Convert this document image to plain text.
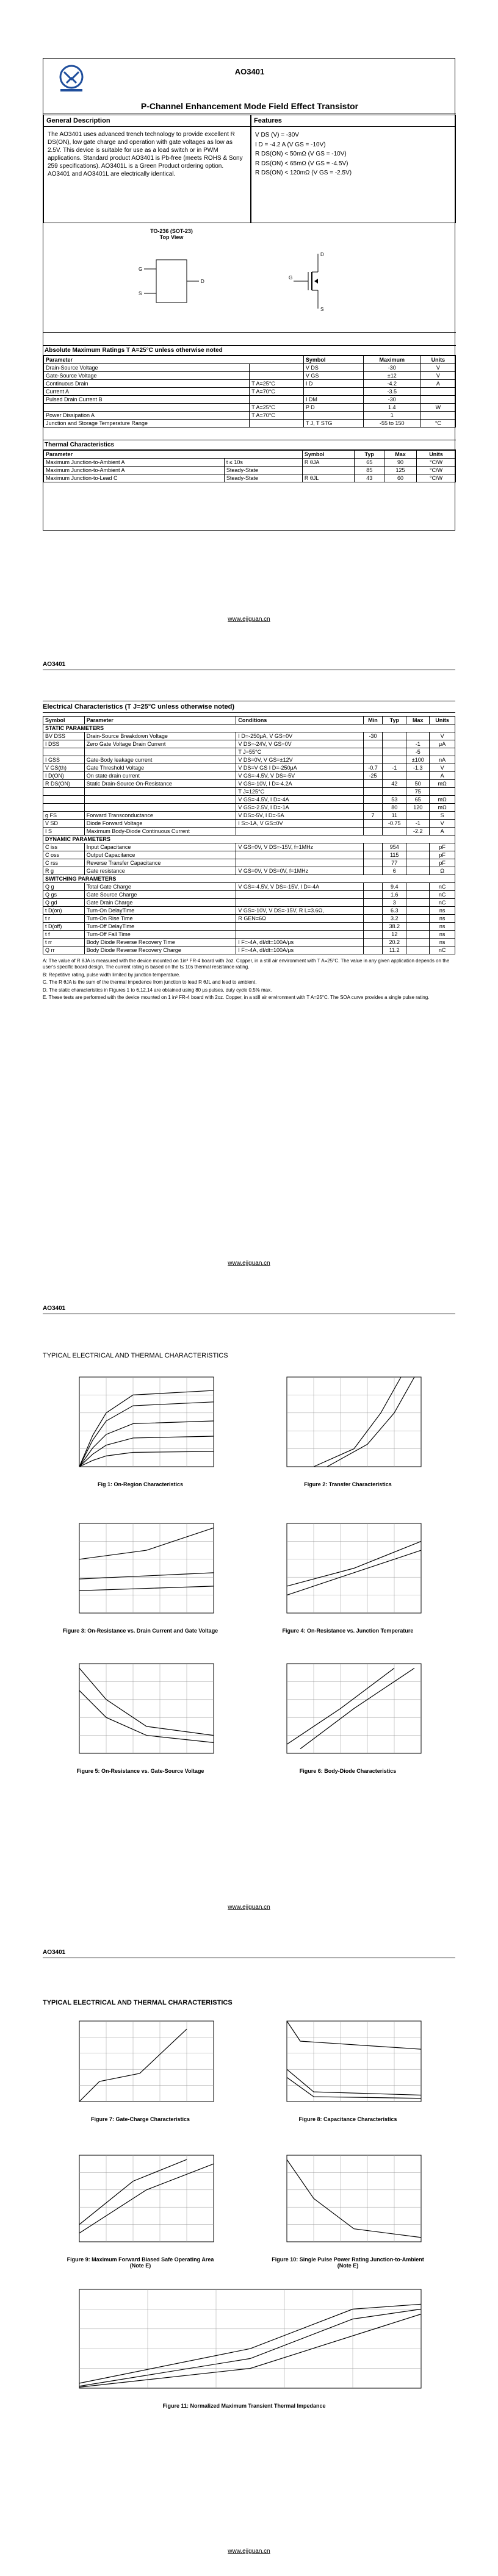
AO3401
P-Channel Enhancement Mode Field Effect Transistor
General Description

The AO3401 uses advanced trench technology to provide excellent R DS(ON), low gate charge and operation with gate voltages as low as 2.5V. This device is suitable for use as a load switch or in PWM applications. Standard product AO3401 is Pb-free (meets ROHS & Sony 259 specifications). AO3401L is a Green Product ordering option. AO3401 and AO3401L are electrically identical.

Features
V DS (V) = -30V
I D = -4.2 A (V GS = -10V)
R DS(ON) < 50mΩ (V GS = -10V)
R DS(ON) < 65mΩ (V GS = -4.5V)
R DS(ON) < 120mΩ (V GS = -2.5V)
TO-236 (SOT-23) Top View
G
S
D
D
G
S
Absolute Maximum Ratings T A=25°C unless otherwise noted
Parameter		Symbol	Maximum	Units
Drain-Source Voltage		V DS	-30	V
Gate-Source Voltage		V GS	±12	V
Continuous Drain	T A=25°C	I D	-4.2	A
Current A	T A=70°C		-3.5	
Pulsed Drain Current B		I DM	-30	
	T A=25°C	P D	1.4	W
Power Dissipation A	T A=70°C		1	
Junction and Storage Temperature Range		T J, T STG	-55 to 150	°C
Thermal Characteristics
Parameter		Symbol	Typ	Max	Units
Maximum Junction-to-Ambient A	t ≤ 10s	R θJA	65	90	°C/W
Maximum Junction-to-Ambient A	Steady-State		85	125	°C/W
Maximum Junction-to-Lead C	Steady-State	R θJL	43	60	°C/W
www.ejiguan.cn
AO3401
Electrical Characteristics (T J=25°C unless otherwise noted)
Symbol	Parameter	Conditions	Min	Typ	Max	Units
STATIC PARAMETERS						
BV DSS	Drain-Source Breakdown Voltage	I D=-250μA, V GS=0V	-30			V
I DSS	Zero Gate Voltage Drain Current	V DS=-24V, V GS=0V			-1	μA
		T J=55°C			-5	
I GSS	Gate-Body leakage current	V DS=0V, V GS=±12V			±100	nA
V GS(th)	Gate Threshold Voltage	V DS=V GS I D=-250μA	-0.7	-1	-1.3	V
I D(ON)	On state drain current	V GS=-4.5V, V DS=-5V	-25			A
R DS(ON)	Static Drain-Source On-Resistance	V GS=-10V, I D=-4.2A		42	50	mΩ
		T J=125°C			75	
		V GS=-4.5V, I D=-4A		53	65	mΩ
		V GS=-2.5V, I D=-1A		80	120	mΩ
g FS	Forward Transconductance	V DS=-5V, I D=-5A	7	11		S
V SD	Diode Forward Voltage	I S=-1A, V GS=0V		-0.75	-1	V
I S	Maximum Body-Diode Continuous Current				-2.2	A
DYNAMIC PARAMETERS						
C iss	Input Capacitance	V GS=0V, V DS=-15V, f=1MHz		954		pF
C oss	Output Capacitance			115		pF
C rss	Reverse Transfer Capacitance			77		pF
R g	Gate resistance	V GS=0V, V DS=0V, f=1MHz		6		Ω
SWITCHING PARAMETERS						
Q g	Total Gate Charge	V GS=-4.5V, V DS=-15V, I D=-4A		9.4		nC
Q gs	Gate Source Charge			1.6		nC
Q gd	Gate Drain Charge			3		nC
t D(on)	Turn-On DelayTime	V GS=-10V, V DS=-15V, R L=3.6Ω,		6.3		ns
t r	Turn-On Rise Time	R GEN=6Ω		3.2		ns
t D(off)	Turn-Off DelayTime			38.2		ns
t f	Turn-Off Fall Time			12		ns
t rr	Body Diode Reverse Recovery Time	I F=-4A, dI/dt=100A/μs		20.2		ns
Q rr	Body Diode Reverse Recovery Charge	I F=-4A, dI/dt=100A/μs		11.2		nC
A: The value of R θJA is measured with the device mounted on 1in² FR-4 board with 2oz. Copper, in a still air environment with T A=25°C. The value in any given application depends on the user's specific board design. The current rating is based on the t≤ 10s thermal resistance rating.
B: Repetitive rating, pulse width limited by junction temperature.
C. The R θJA is the sum of the thermal impedence from junction to lead R θJL and lead to ambient.
D. The static characteristics in Figures 1 to 6,12,14 are obtained using 80 μs pulses, duty cycle 0.5% max.
E. These tests are performed with the device mounted on 1 in² FR-4 board with 2oz. Copper, in a still air environment with T A=25°C. The SOA curve provides a single pulse rating.
www.ejiguan.cn
AO3401
TYPICAL ELECTRICAL AND THERMAL CHARACTERISTICS
Fig 1: On-Region Characteristics	Figure 2: Transfer Characteristics
Figure 3: On-Resistance vs. Drain Current and Gate Voltage	Figure 4: On-Resistance vs. Junction Temperature
Figure 5: On-Resistance vs. Gate-Source Voltage	Figure 6: Body-Diode Characteristics
www.ejiguan.cn
AO3401
TYPICAL ELECTRICAL AND THERMAL CHARACTERISTICS
Figure 7: Gate-Charge Characteristics	Figure 8: Capacitance Characteristics
Figure 9: Maximum Forward Biased Safe Operating Area (Note E)
Figure 10: Single Pulse Power Rating Junction-to-Ambient (Note E)
Figure 11: Normalized Maximum Transient Thermal Impedance
www.ejiguan.cn
